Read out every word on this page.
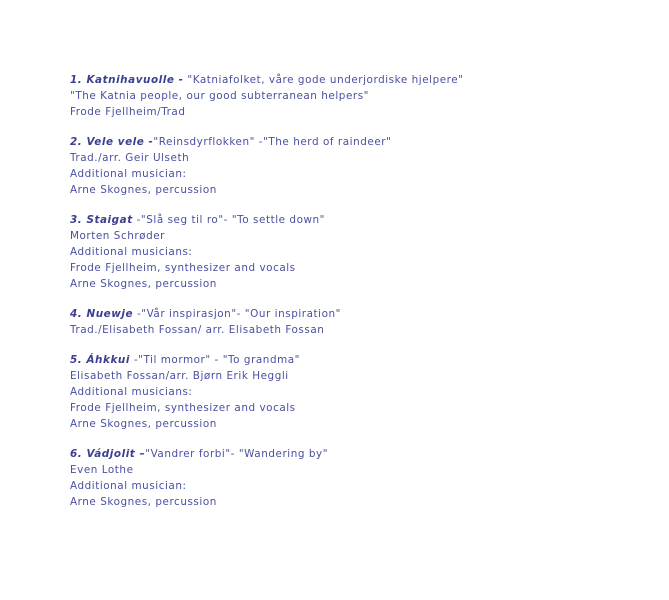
1. Katnihavuolle - "Katniafolket, våre gode underjordiske hjelpere"
"The Katnia people, our good subterranean helpers"
Frode Fjellheim/Trad
2. Vele vele -"Reinsdyrflokken" -"The herd of raindeer"
Trad./arr. Geir Ulseth
Additional musician:
Arne Skognes, percussion
3. Staigat -"Slå seg til ro"- "To settle down"
Morten Schrøder
Additional musicians:
Frode Fjellheim, synthesizer and vocals
Arne Skognes, percussion
4. Nuewje -"Vår inspirasjon"- "Our inspiration"
Trad./Elisabeth Fossan/ arr. Elisabeth Fossan
5. Áhkkui -"Til mormor" - "To grandma"
Elisabeth Fossan/arr. Bjørn Erik Heggli
Additional musicians:
Frode Fjellheim, synthesizer and vocals
Arne Skognes, percussion
6. Vádjolit –"Vandrer forbi"- "Wandering by"
Even Lothe
Additional musician:
Arne Skognes, percussion
